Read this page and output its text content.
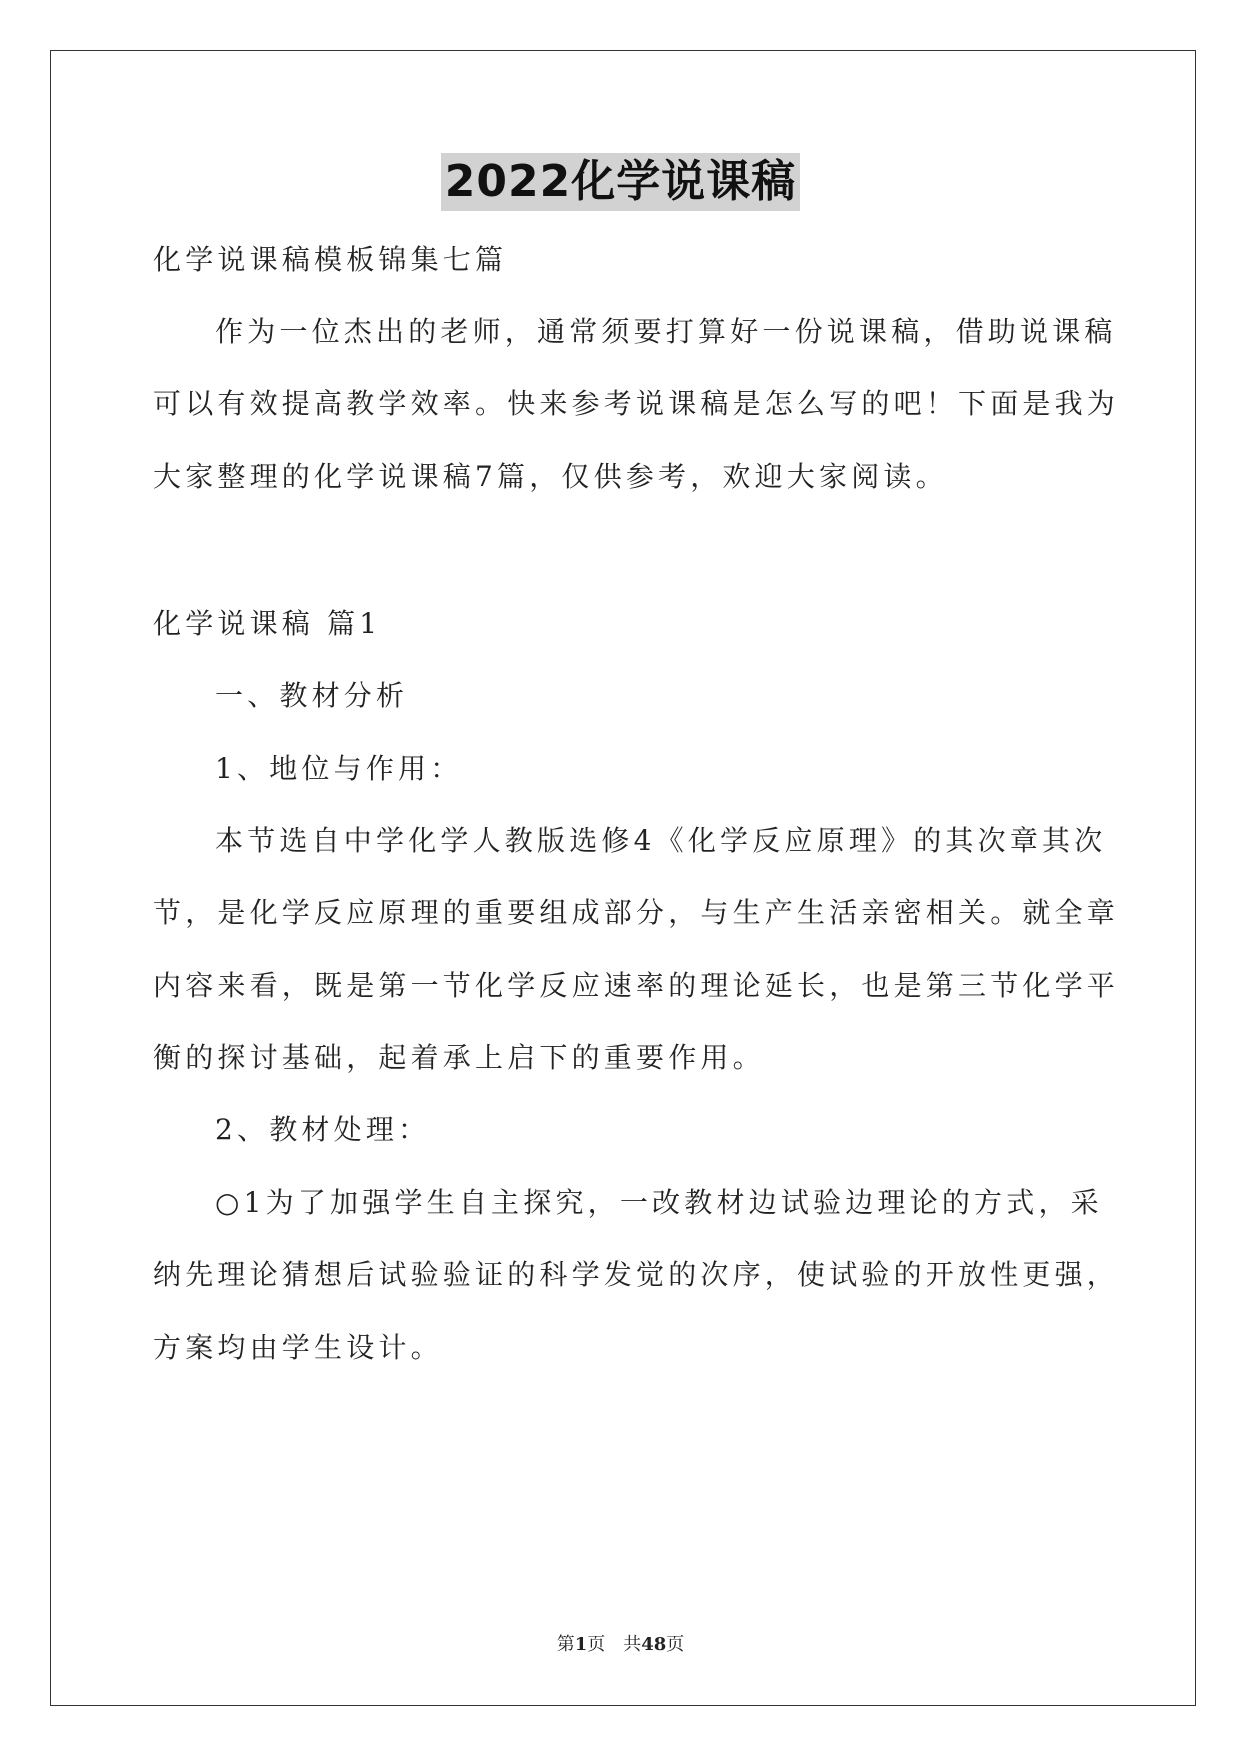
2022化学说课稿
化学说课稿模板锦集七篇
作为一位杰出的老师，通常须要打算好一份说课稿，借助说课稿
可以有效提高教学效率。快来参考说课稿是怎么写的吧！下面是我为
大家整理的化学说课稿7篇，仅供参考，欢迎大家阅读。
化学说课稿 篇1
一、教材分析
1、地位与作用：
本节选自中学化学人教版选修4《化学反应原理》的其次章其次
节，是化学反应原理的重要组成部分，与生产生活亲密相关。就全章
内容来看，既是第一节化学反应速率的理论延长，也是第三节化学平
衡的探讨基础，起着承上启下的重要作用。
2、教材处理：
○1为了加强学生自主探究，一改教材边试验边理论的方式，采
纳先理论猜想后试验验证的科学发觉的次序，使试验的开放性更强，
方案均由学生设计。
第1页 共48页
